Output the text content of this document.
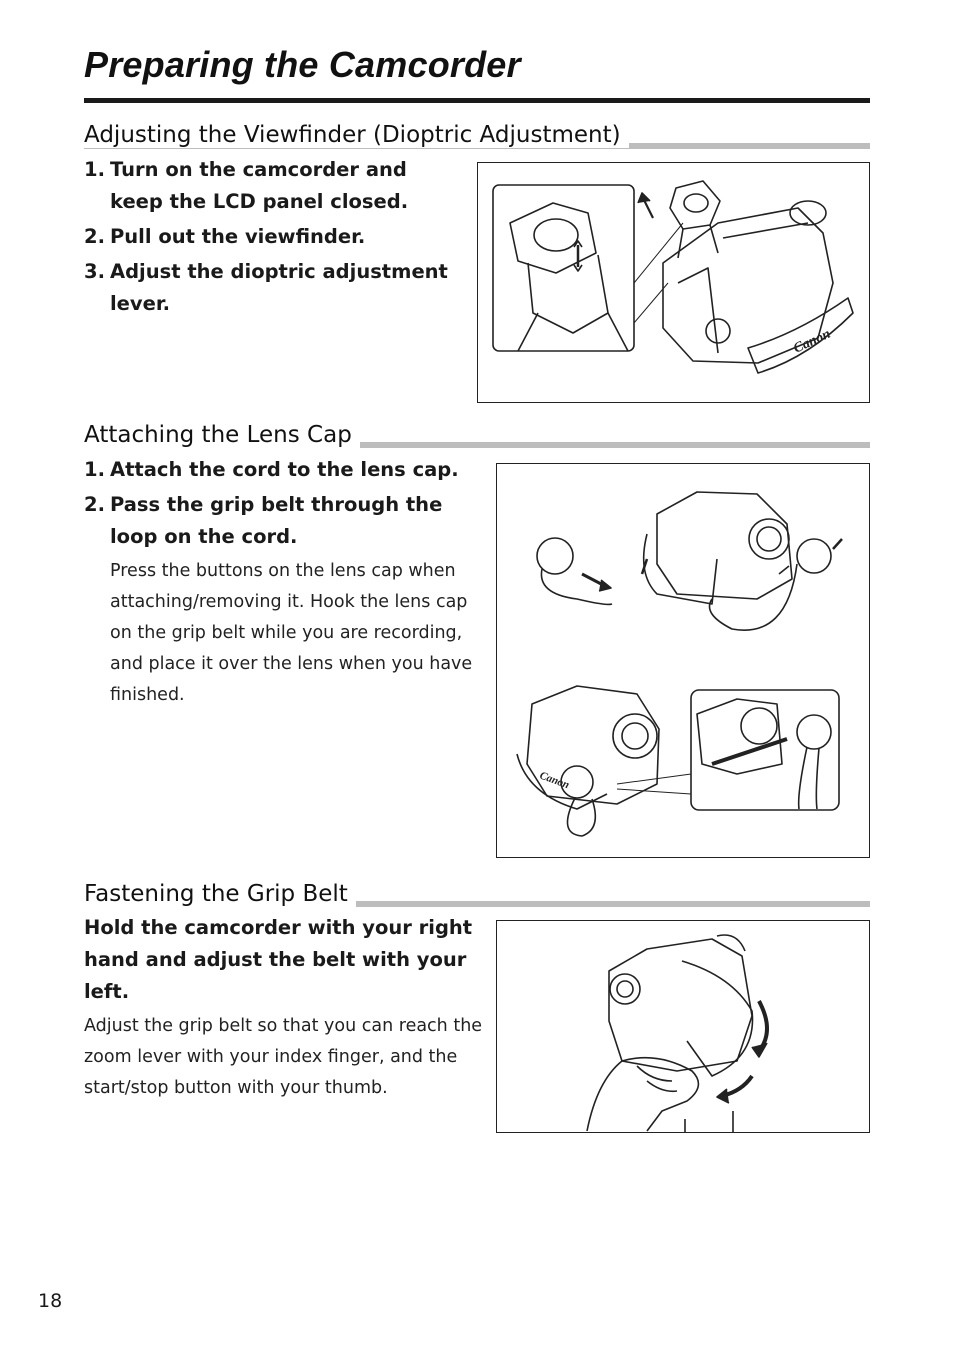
Preparing the Camcorder
Adjusting the Viewfinder (Dioptric Adjustment)
1. Turn on the camcorder and keep the LCD panel closed.
2. Pull out the viewfinder.
3. Adjust the dioptric adjustment lever.
Canon
Attaching the Lens Cap
1. Attach the cord to the lens cap.
2. Pass the grip belt through the loop on the cord.

Press the buttons on the lens cap when attaching/removing it. Hook the lens cap on the grip belt while you are recording, and place it over the lens when you have finished.

Canon
Fastening the Grip Belt

Hold the camcorder with your right hand and adjust the belt with your left.

Adjust the grip belt so that you can reach the zoom lever with your index finger, and the start/stop button with your thumb.

18
